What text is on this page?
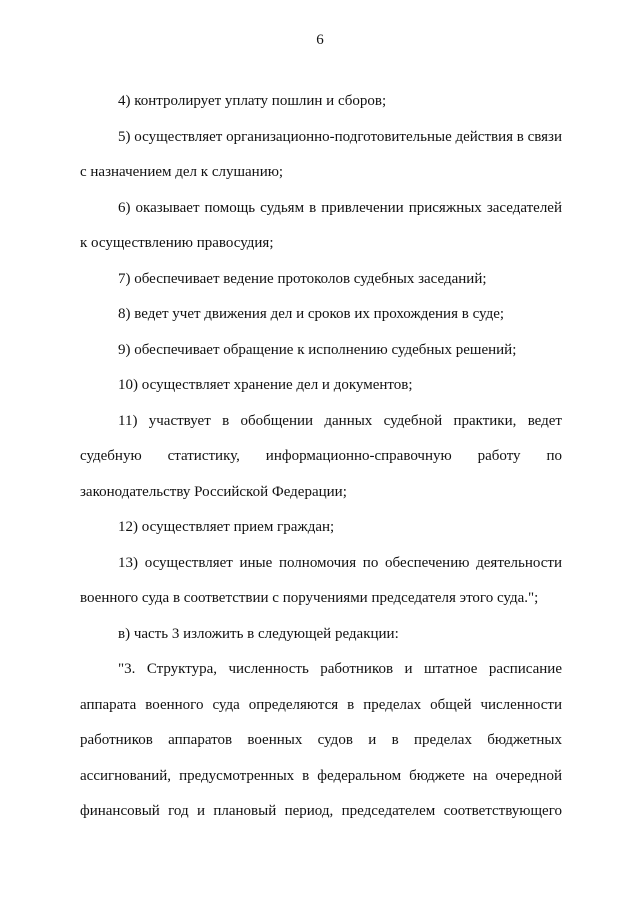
6

4) контролирует уплату пошлин и сборов;

5) осуществляет организационно-подготовительные действия в связи с назначением дел к слушанию;

6) оказывает помощь судьям в привлечении присяжных заседателей к осуществлению правосудия;

7) обеспечивает ведение протоколов судебных заседаний;

8) ведет учет движения дел и сроков их прохождения в суде;

9) обеспечивает обращение к исполнению судебных решений;

10) осуществляет хранение дел и документов;

11) участвует в обобщении данных судебной практики, ведет судебную статистику, информационно-справочную работу по законодательству Российской Федерации;

12) осуществляет прием граждан;

13) осуществляет иные полномочия по обеспечению деятельности военного суда в соответствии с поручениями председателя этого суда.";

в) часть 3 изложить в следующей редакции:

"3. Структура, численность работников и штатное расписание аппарата военного суда определяются в пределах общей численности работников аппаратов военных судов и в пределах бюджетных ассигнований, предусмотренных в федеральном бюджете на очередной финансовый год и плановый период, председателем соответствующего
